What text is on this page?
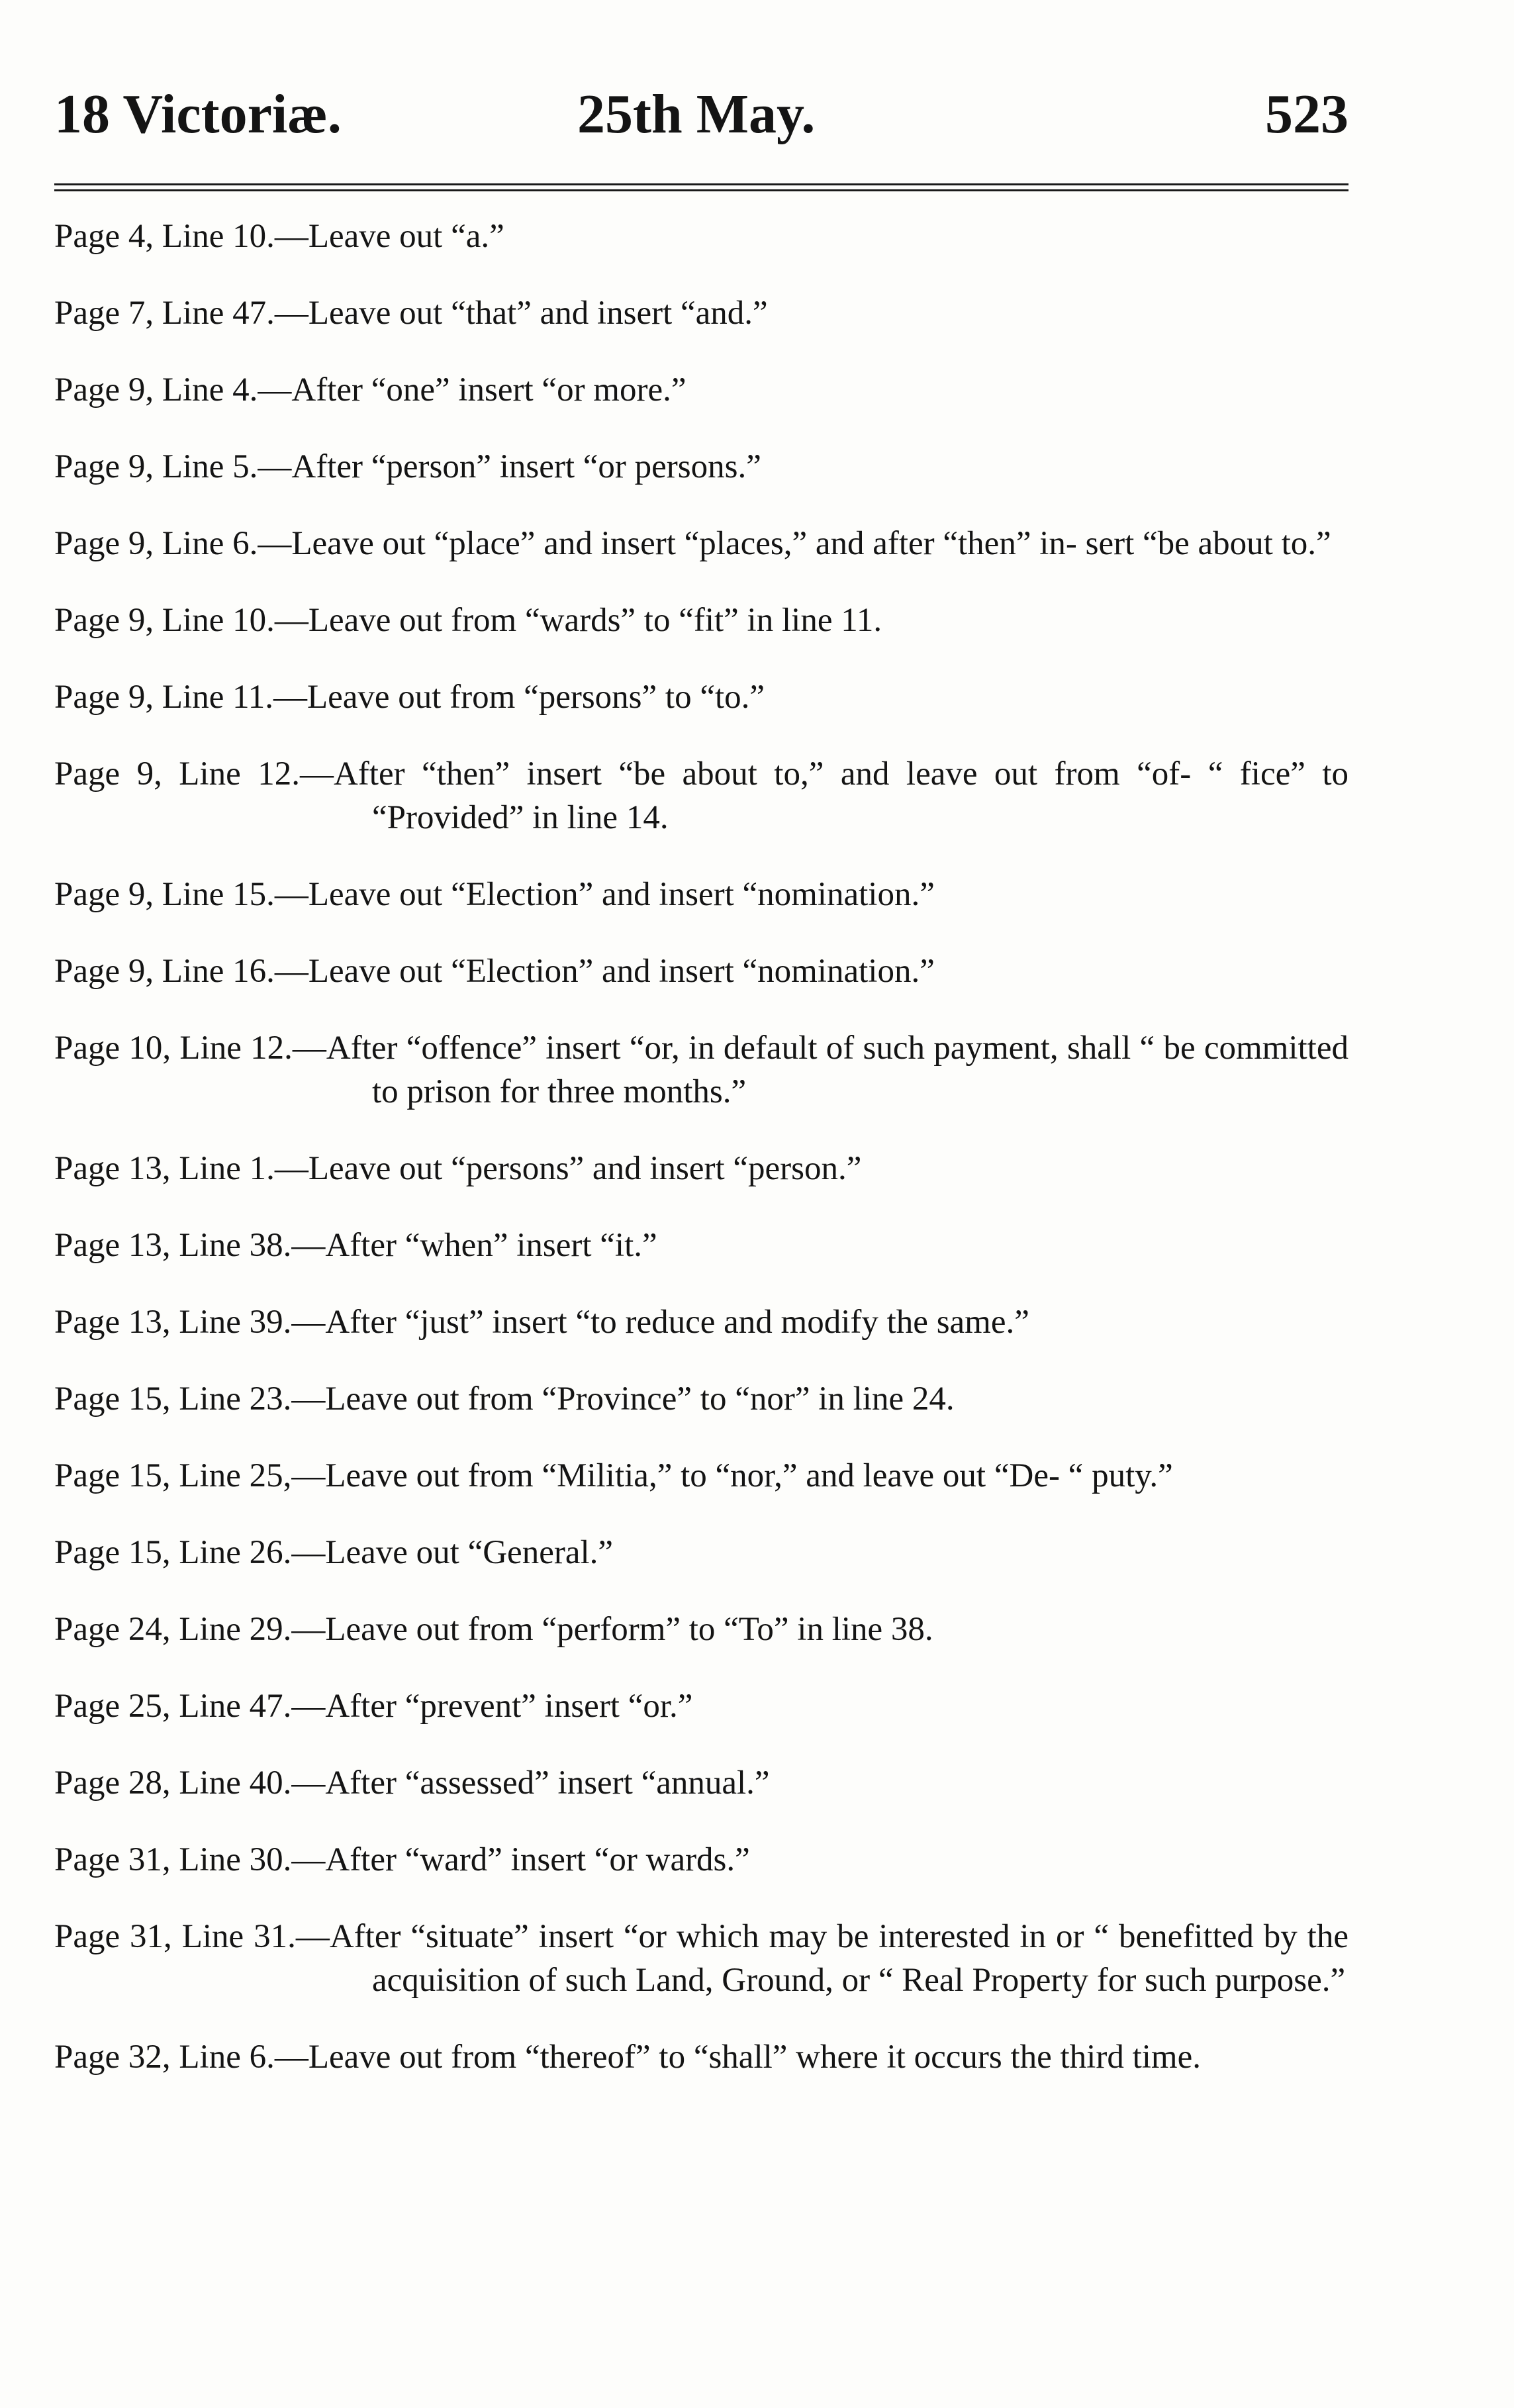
18 Victoriæ.	25th May.	523

Page 4, Line 10.—Leave out “a.”

Page 7, Line 47.—Leave out “that” and insert “and.”

Page 9, Line 4.—After “one” insert “or more.”

Page 9, Line 5.—After “person” insert “or persons.”

Page 9, Line 6.—Leave out “place” and insert “places,” and after “then” in- sert “be about to.”

Page 9, Line 10.—Leave out from “wards” to “fit” in line 11.

Page 9, Line 11.—Leave out from “persons” to “to.”

Page 9, Line 12.—After “then” insert “be about to,” and leave out from “of- “ fice” to “Provided” in line 14.

Page 9, Line 15.—Leave out “Election” and insert “nomination.”

Page 9, Line 16.—Leave out “Election” and insert “nomination.”

Page 10, Line 12.—After “offence” insert “or, in default of such payment, shall “ be committed to prison for three months.”

Page 13, Line 1.—Leave out “persons” and insert “person.”

Page 13, Line 38.—After “when” insert “it.”

Page 13, Line 39.—After “just” insert “to reduce and modify the same.”

Page 15, Line 23.—Leave out from “Province” to “nor” in line 24.

Page 15, Line 25,—Leave out from “Militia,” to “nor,” and leave out “De- “ puty.”

Page 15, Line 26.—Leave out “General.”

Page 24, Line 29.—Leave out from “perform” to “To” in line 38.

Page 25, Line 47.—After “prevent” insert “or.”

Page 28, Line 40.—After “assessed” insert “annual.”

Page 31, Line 30.—After “ward” insert “or wards.”

Page 31, Line 31.—After “situate” insert “or which may be interested in or “ benefitted by the acquisition of such Land, Ground, or “ Real Property for such purpose.”

Page 32, Line 6.—Leave out from “thereof” to “shall” where it occurs the third time.
